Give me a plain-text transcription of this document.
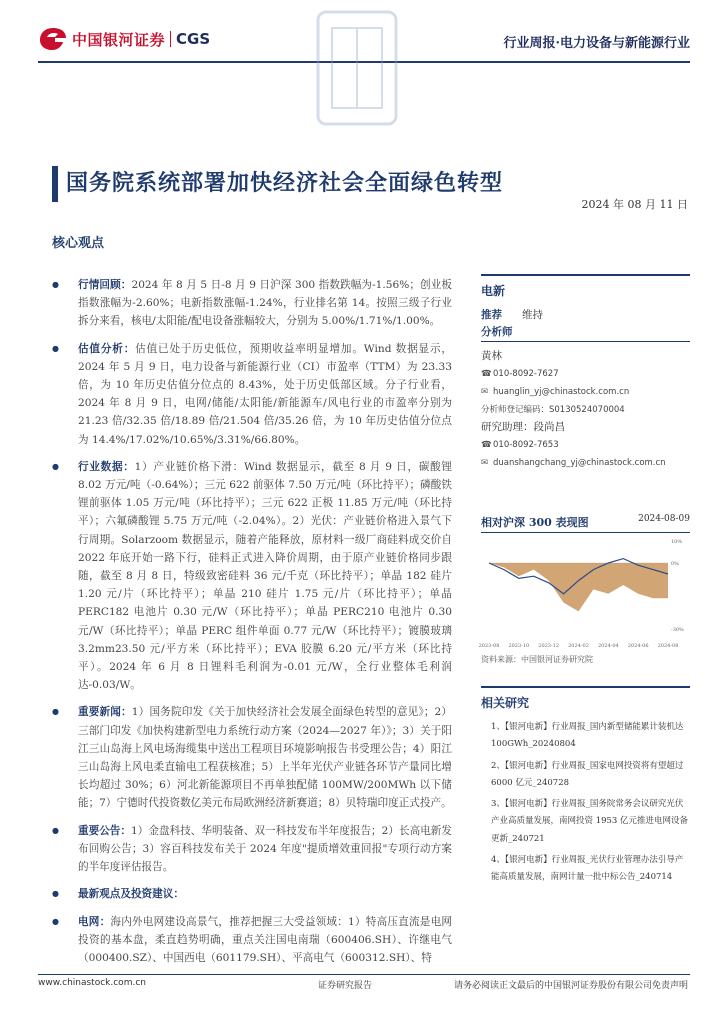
中国银河证券 CGS	行业周报·电力设备与新能源行业
国务院系统部署加快经济社会全面绿色转型
2024 年 08 月 11 日
核心观点
● 行情回顾：2024 年 8 月 5 日-8 月 9 日沪深 300 指数跌幅为-1.56%；创业板指数涨幅为-2.60%；电新指数涨幅-1.24%，行业排名第 14。按照三级子行业拆分来看，核电/太阳能/配电设备涨幅较大，分别为 5.00%/1.71%/1.00%。
● 估值分析：估值已处于历史低位，预期收益率明显增加。Wind 数据显示，2024 年 5 月 9 日，电力设备与新能源行业（CI）市盈率（TTM）为 23.33 倍，为 10 年历史估值分位点的 8.43%，处于历史低部区域。分子行业看，2024 年 8 月 9 日，电网/储能/太阳能/新能源车/风电行业的市盈率分别为 21.23 倍/32.35 倍/18.89 倍/21.504 倍/35.26 倍，为 10 年历史估值分位点为 14.4%/17.02%/10.65%/3.31%/66.80%。
● 行业数据：1）产业链价格下滑：Wind 数据显示，截至 8 月 9 日，碳酸锂 8.02 万元/吨（-0.64%）；三元 622 前驱体 7.50 万元/吨（环比持平）；磷酸铁锂前驱体 1.05 万元/吨（环比持平）；三元 622 正极 11.85 万元/吨（环比持平）；六氟磷酸锂 5.75 万元/吨（-2.04%）。2）光伏：产业链价格进入景气下行周期。Solarzoom 数据显示，随着产能释放，原材料一级厂商硅料成交价自 2022 年底开始一路下行，硅料正式进入降价周期，由于原产业链价格同步跟随，截至 8 月 8 日，特级致密硅料 36 元/千克（环比持平）；单晶 182 硅片 1.20 元/片（环比持平）；单晶 210 硅片 1.75 元/片（环比持平）；单晶 PERC182 电池片 0.30 元/W（环比持平）；单晶 PERC210 电池片 0.30 元/W（环比持平）；单晶 PERC 组件单面 0.77 元/W（环比持平）；镀膜玻璃 3.2mm23.50 元/平方米（环比持平）；EVA 胶膜 6.20 元/平方米（环比持平）。2024 年 6 月 8 日锂料毛利润为-0.01 元/W，全行业整体毛利润达-0.03/W。
● 重要新闻：1）国务院印发《关于加快经济社会发展全面绿色转型的意见》；2）三部门印发《加快构建新型电力系统行动方案（2024—2027 年）》；3）关于阳江三山岛海上风电场海缆集中送出工程项目环境影响报告书受理公告；4）阳江三山岛海上风电柔直输电工程获核准；5）上半年光伏产业链各环节产量同比增长均超过 30%；6）河北新能源项目不再单独配储 100MW/200MWh 以下储能；7）宁德时代投资数亿美元布局欧洲经济新赛道；8）贝特瑞印度正式投产。
● 重要公告：1）金盘科技、华明装备、双一科技发布半年度报告；2）长高电新发布回购公告；3）容百科技发布关于 2024 年度"提质增效重回报"专项行动方案的半年度评估报告。
● 最新观点及投资建议：
● 电网：海内外电网建设高景气，推荐把握三大受益领域：1）特高压直流是电网投资的基本盘，柔直趋势明确，重点关注国电南瑞（600406.SH）、许继电气（000400.SZ）、中国西电（601179.SH）、平高电气（600312.SH）、特
电新
推荐 维持
分析师
黄林
☎010-8092-7627
✉ huanglin_yj@chinastock.com.cn
分析师登记编码：S0130524070004
研究助理：段尚昌
☎010-8092-7653
✉ duanshangchang_yj@chinastock.com.cn
相对沪深 300 表现图	2024-08-09
2023-08 2023-10 2023-12 2024-02 2024-04 2024-06 2024-08
10%
0%
-30%
资料来源：中国银河证券研究院
相关研究
1、【银河电新】行业周报_国内新型储能累计装机达 100GWh_20240804
2、【银河电新】行业周报_国家电网投资将有望超过 6000 亿元_240728
3、【银河电新】行业周报_国务院常务会议研究光伏产业高质量发展，南网投资 1953 亿元推进电网设备更新_240721
4、【银河电新】行业周报_光伏行业管理办法引导产能高质量发展，南网计量一批中标公告_240714
www.chinastock.com.cn	证券研究报告	请务必阅读正文最后的中国银河证券股份有限公司免责声明
